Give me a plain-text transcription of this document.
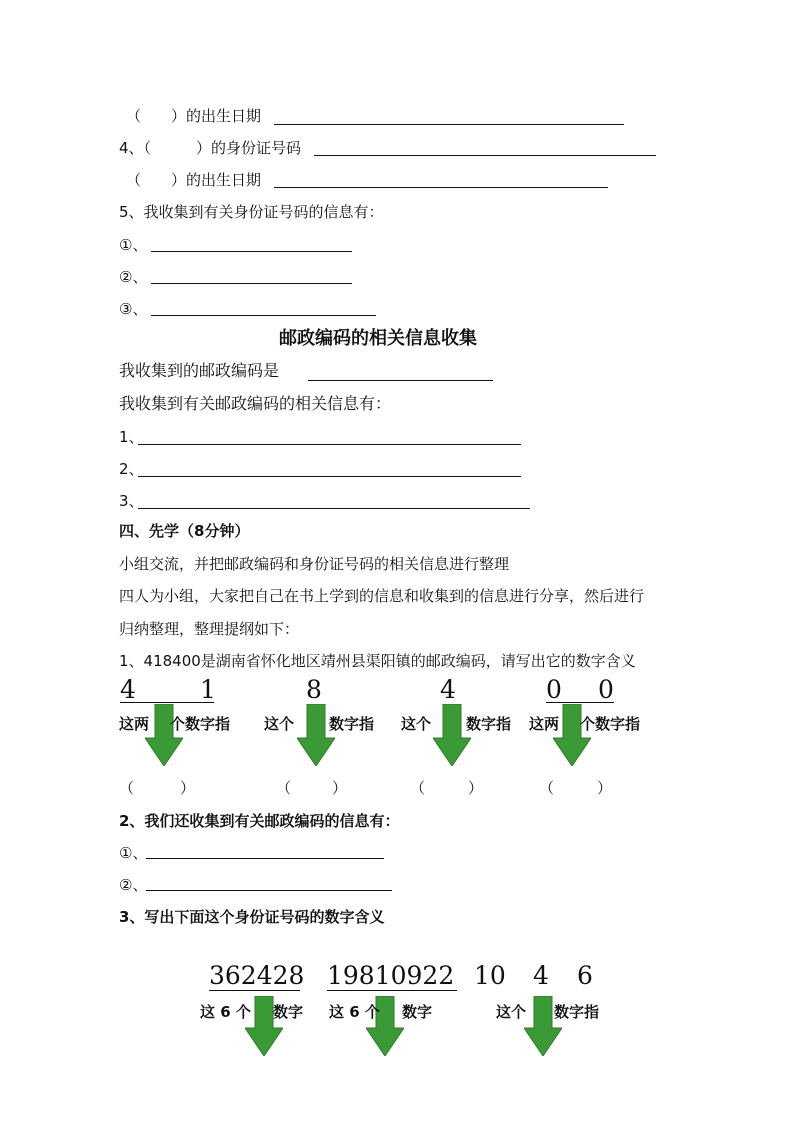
（　　）的出生日期
4、（　　　）的身份证号码
（　　）的出生日期
5、我收集到有关身份证号码的信息有：
①、
②、
③、
邮政编码的相关信息收集
我收集到的邮政编码是
我收集到有关邮政编码的相关信息有：
1、
2、
3、
四、先学（8分钟）
小组交流，并把邮政编码和身份证号码的相关信息进行整理
四人为小组，大家把自己在书上学到的信息和收集到的信息进行分享，然后进行
归纳整理，整理提纲如下：
1、418400是湖南省怀化地区靖州县渠阳镇的邮政编码，请写出它的数字含义
4	1	8	4	0 0
这两 个数字指 这个 数字指 这个 数字指 这两 个数字指
（	）	（	）	（	）	（	）
2、我们还收集到有关邮政编码的信息有：
①、
②、
3、写出下面这个身份证号码的数字含义
362428 19810922 10 4 6
这 6 个 数字 这 6 个 数字	这个 数字指
